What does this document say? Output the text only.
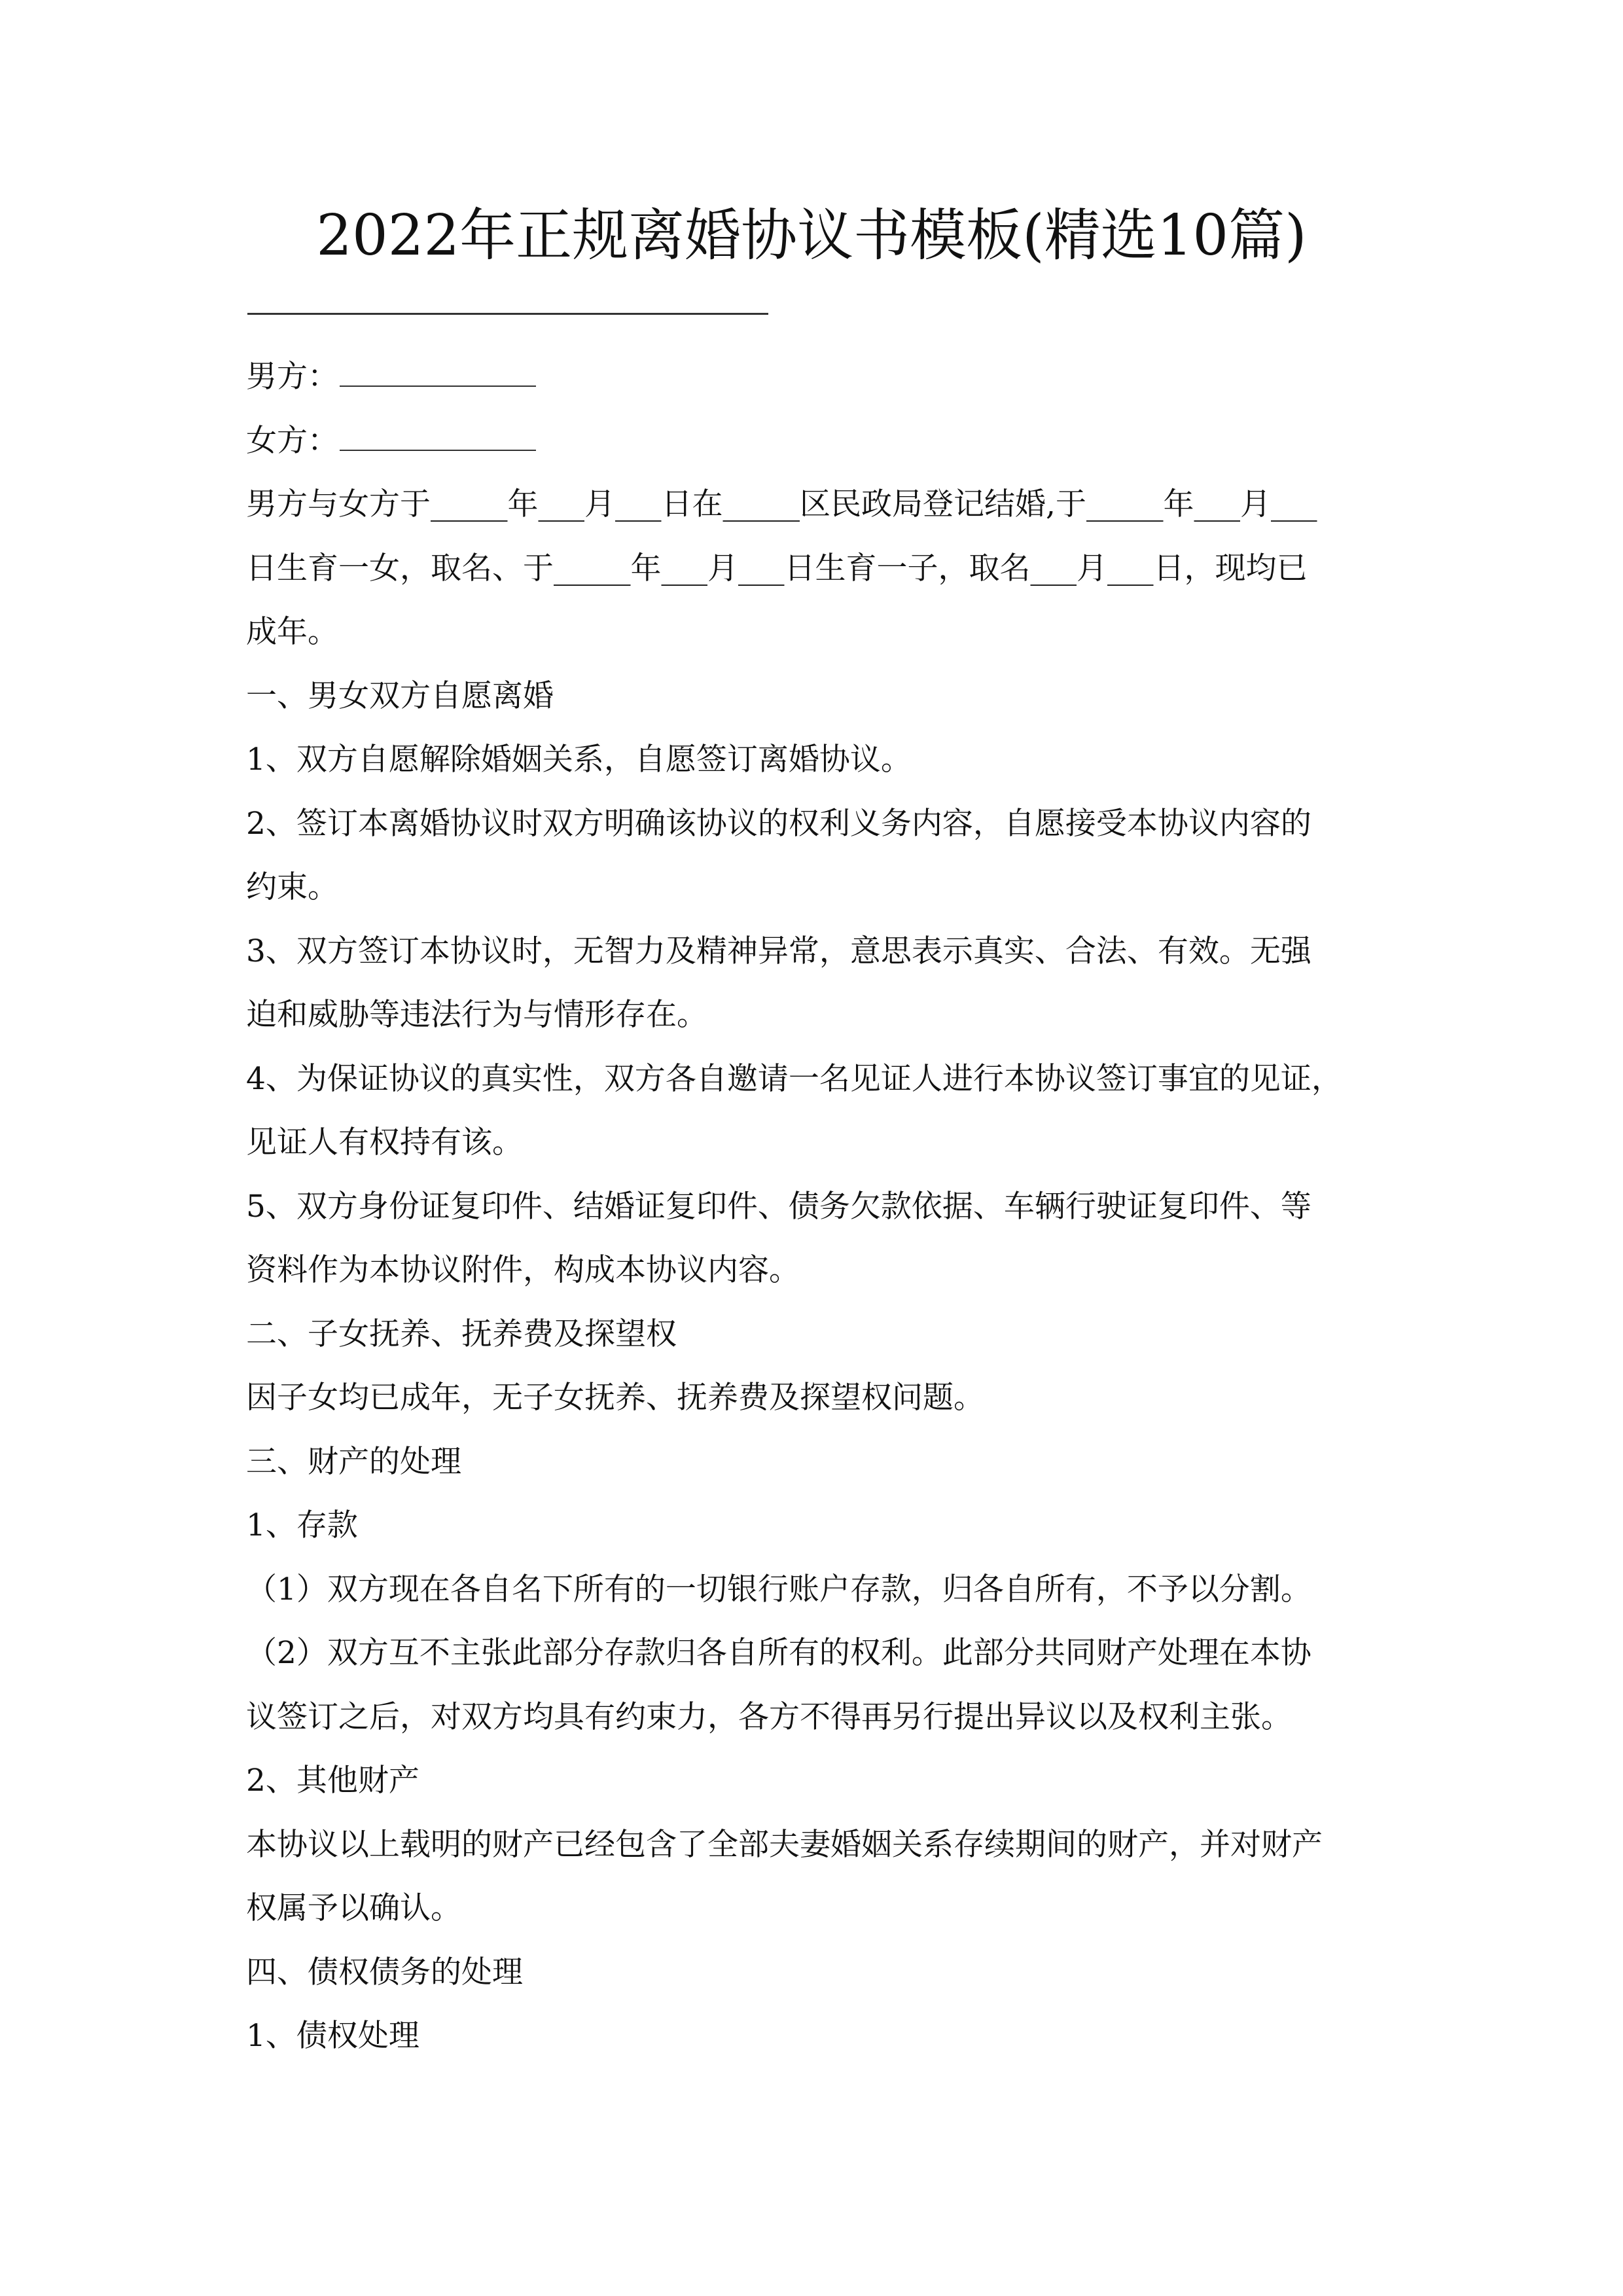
2022年正规离婚协议书模板(精选10篇)
男方：
女方：
男方与女方于_____年___月___日在_____区民政局登记结婚,于_____年___月___
日生育一女，取名、于_____年___月___日生育一子，取名___月___日，现均已
成年。
一、男女双方自愿离婚
1、双方自愿解除婚姻关系，自愿签订离婚协议。
2、签订本离婚协议时双方明确该协议的权利义务内容，自愿接受本协议内容的
约束。
3、双方签订本协议时，无智力及精神异常，意思表示真实、合法、有效。无强
迫和威胁等违法行为与情形存在。
4、为保证协议的真实性，双方各自邀请一名见证人进行本协议签订事宜的见证，
见证人有权持有该。
5、双方身份证复印件、结婚证复印件、债务欠款依据、车辆行驶证复印件、等
资料作为本协议附件，构成本协议内容。
二、子女抚养、抚养费及探望权
因子女均已成年，无子女抚养、抚养费及探望权问题。
三、财产的处理
1、存款
（1）双方现在各自名下所有的一切银行账户存款，归各自所有，不予以分割。
（2）双方互不主张此部分存款归各自所有的权利。此部分共同财产处理在本协
议签订之后，对双方均具有约束力，各方不得再另行提出异议以及权利主张。
2、其他财产
本协议以上载明的财产已经包含了全部夫妻婚姻关系存续期间的财产，并对财产
权属予以确认。
四、债权债务的处理
1、债权处理
